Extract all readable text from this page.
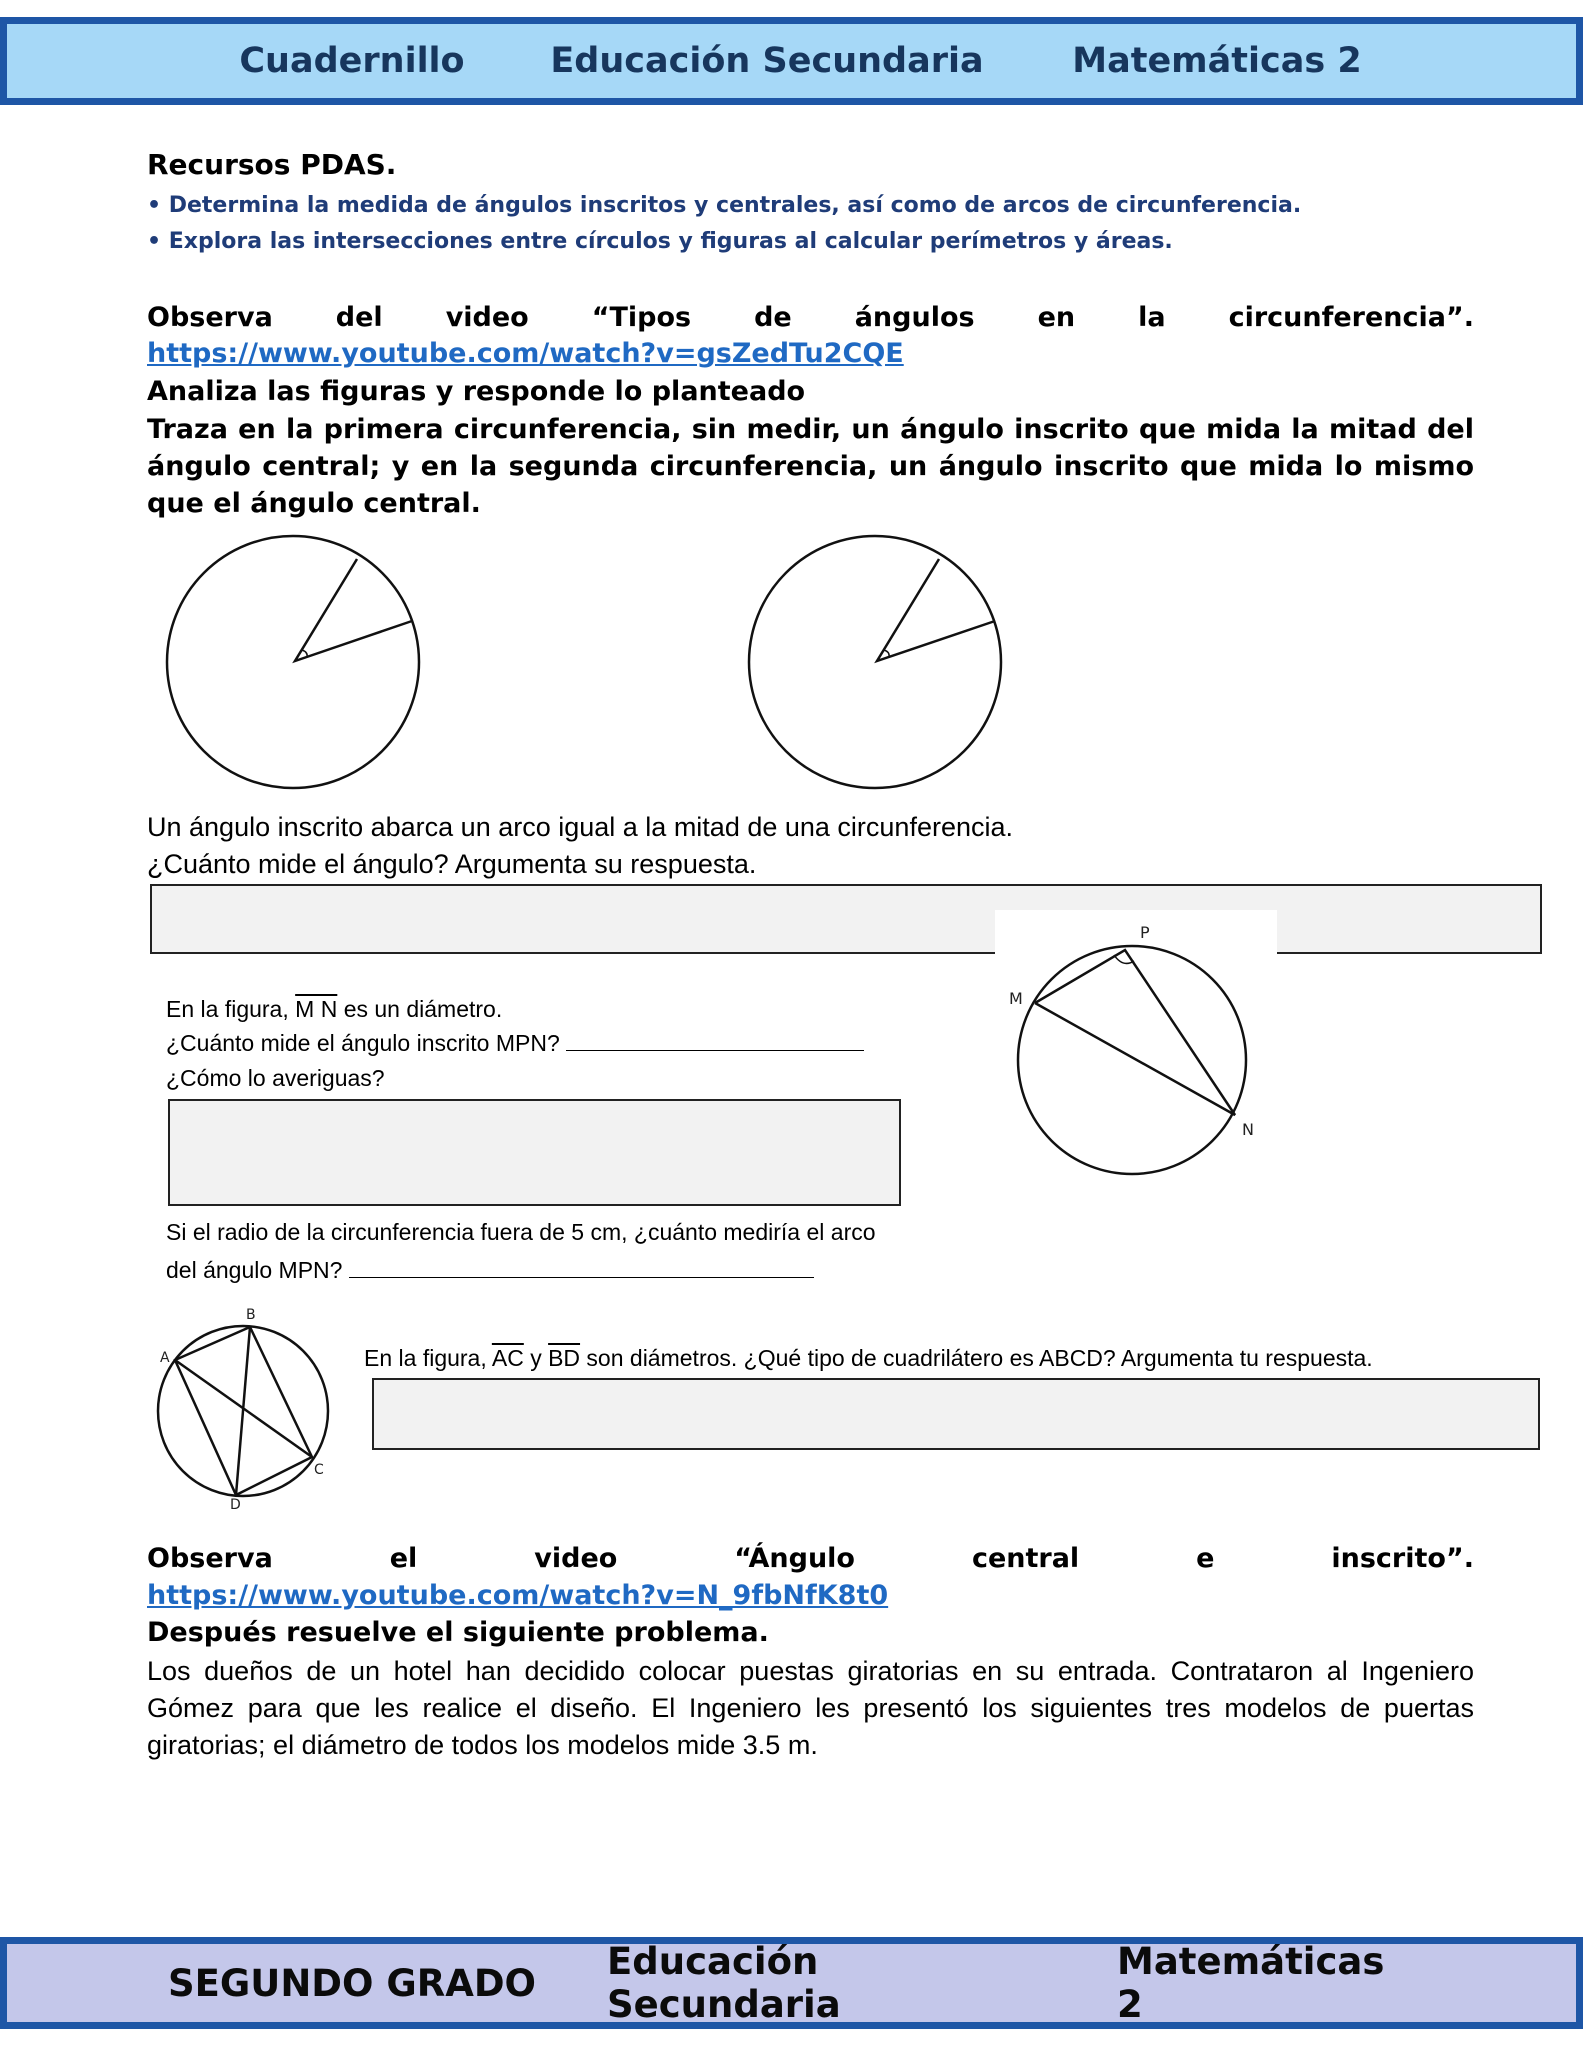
Cuadernillo	Educación Secundaria	Matemáticas 2
Recursos PDAS.
• Determina la medida de ángulos inscritos y centrales, así como de arcos de circunferencia.
• Explora las intersecciones entre círculos y figuras al calcular perímetros y áreas.
Observa del video “Tipos de ángulos en la circunferencia”.
https://www.youtube.com/watch?v=gsZedTu2CQE
Analiza las figuras y responde lo planteado
Traza en la primera circunferencia, sin medir, un ángulo inscrito que mida la mitad del ángulo central; y en la segunda circunferencia, un ángulo inscrito que mida lo mismo que el ángulo central.
Un ángulo inscrito abarca un arco igual a la mitad de una circunferencia.
¿Cuánto mide el ángulo? Argumenta su respuesta.
P
M
N
En la figura, M N es un diámetro.
¿Cuánto mide el ángulo inscrito MPN?
¿Cómo lo averiguas?
Si el radio de la circunferencia fuera de 5 cm, ¿cuánto mediría el arco
del ángulo MPN?
B
A
C
D
En la figura, $\overline{AC}$ y $\overline{BD}$ son diámetros. ¿Qué tipo de cuadrilátero es ABCD? Argumenta tu respuesta.
Observa	el	video	“Ángulo	central	e	inscrito”.
https://www.youtube.com/watch?v=N_9fbNfK8t0
Después resuelve el siguiente problema.
Los dueños de un hotel han decidido colocar puestas giratorias en su entrada. Contrataron al Ingeniero Gómez para que les realice el diseño. El Ingeniero les presentó los siguientes tres modelos de puertas giratorias; el diámetro de todos los modelos mide 3.5 m.
SEGUNDO GRADO Educación Secundaria
Matemáticas 2
